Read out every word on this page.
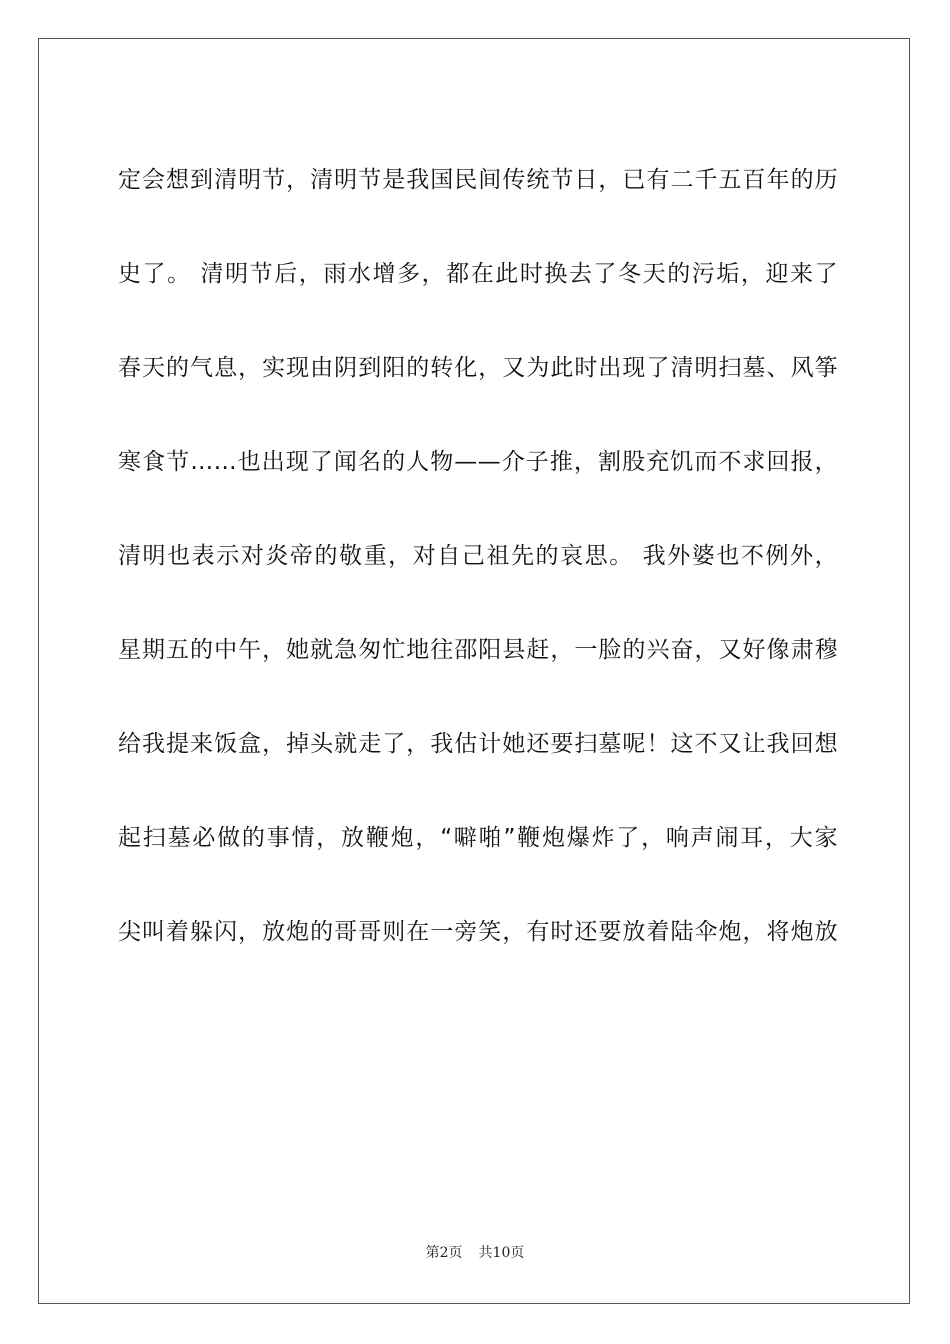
定会想到清明节，清明节是我国民间传统节日，已有二千五百年的历
史了。 清明节后，雨水增多，都在此时换去了冬天的污垢，迎来了
春天的气息，实现由阴到阳的转化，又为此时出现了清明扫墓、风筝
寒食节……也出现了闻名的人物——介子推，割股充饥而不求回报，
清明也表示对炎帝的敬重，对自己祖先的哀思。 我外婆也不例外，
星期五的中午，她就急匆忙地往邵阳县赶，一脸的兴奋，又好像肃穆
给我提来饭盒，掉头就走了，我估计她还要扫墓呢！这不又让我回想
起扫墓必做的事情，放鞭炮，“噼啪”鞭炮爆炸了，响声闹耳，大家
尖叫着躲闪，放炮的哥哥则在一旁笑，有时还要放着陆伞炮，将炮放
第2页 共10页
